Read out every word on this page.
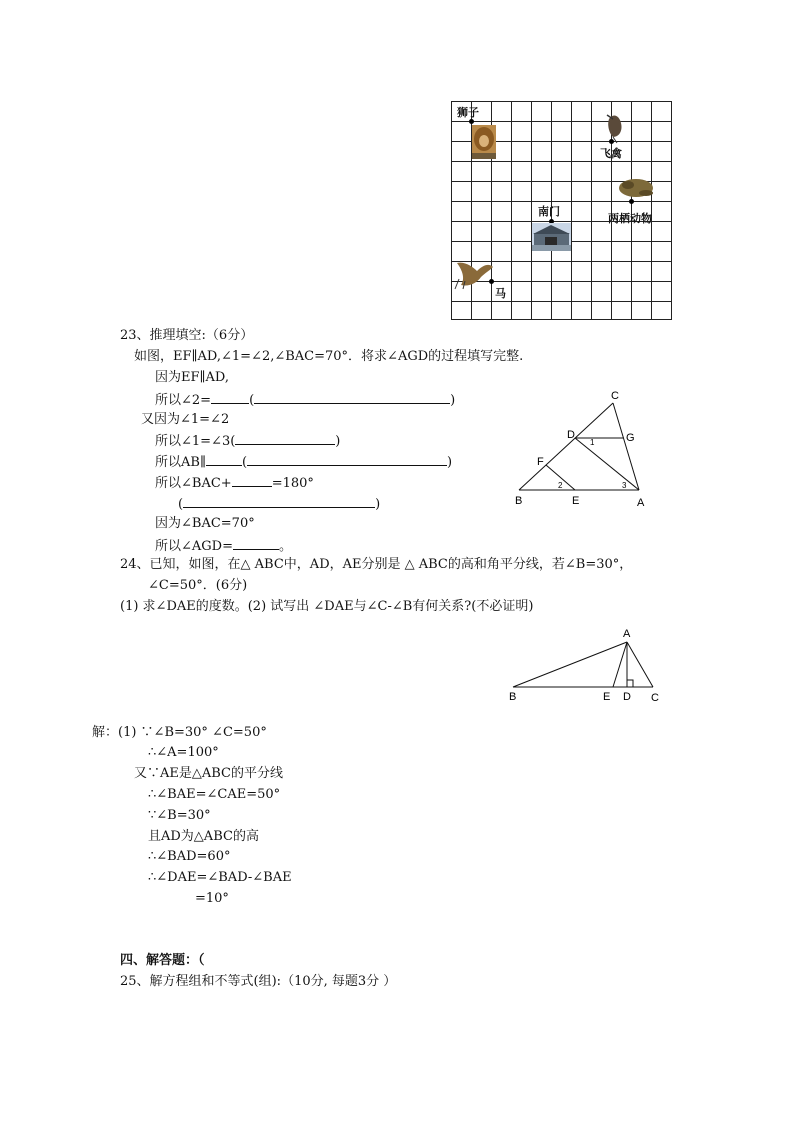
狮子
飞禽
两栖动物
南门
马
23、推理填空:（6分）
如图，EF∥AD,∠1=∠2,∠BAC=70°．将求∠AGD的过程填写完整.
因为EF∥AD,
所以∠2=	(	)
又因为∠1=∠2
所以∠1=∠3(	)
所以AB∥	(	)
所以∠BAC+	=180°
(	)
因为∠BAC=70°
所以∠AGD=	。
C
D	G
F
B	E	A
1
2	3
24、已知，如图，在△ ABC中，AD，AE分别是 △ ABC的高和角平分线，若∠B=30°，
∠C=50°．(6分)
(1) 求∠DAE的度数。(2) 试写出 ∠DAE与∠C-∠B有何关系?(不必证明)
A
B	E D C
解：(1) ∵∠B=30° ∠C=50°
∴∠A=100°
又∵AE是△ABC的平分线
∴∠BAE=∠CAE=50°
∵∠B=30°
且AD为△ABC的高
∴∠BAD=60°
∴∠DAE=∠BAD-∠BAE
=10°
四、解答题：（
25、解方程组和不等式(组):（10分, 每题3分 ）
